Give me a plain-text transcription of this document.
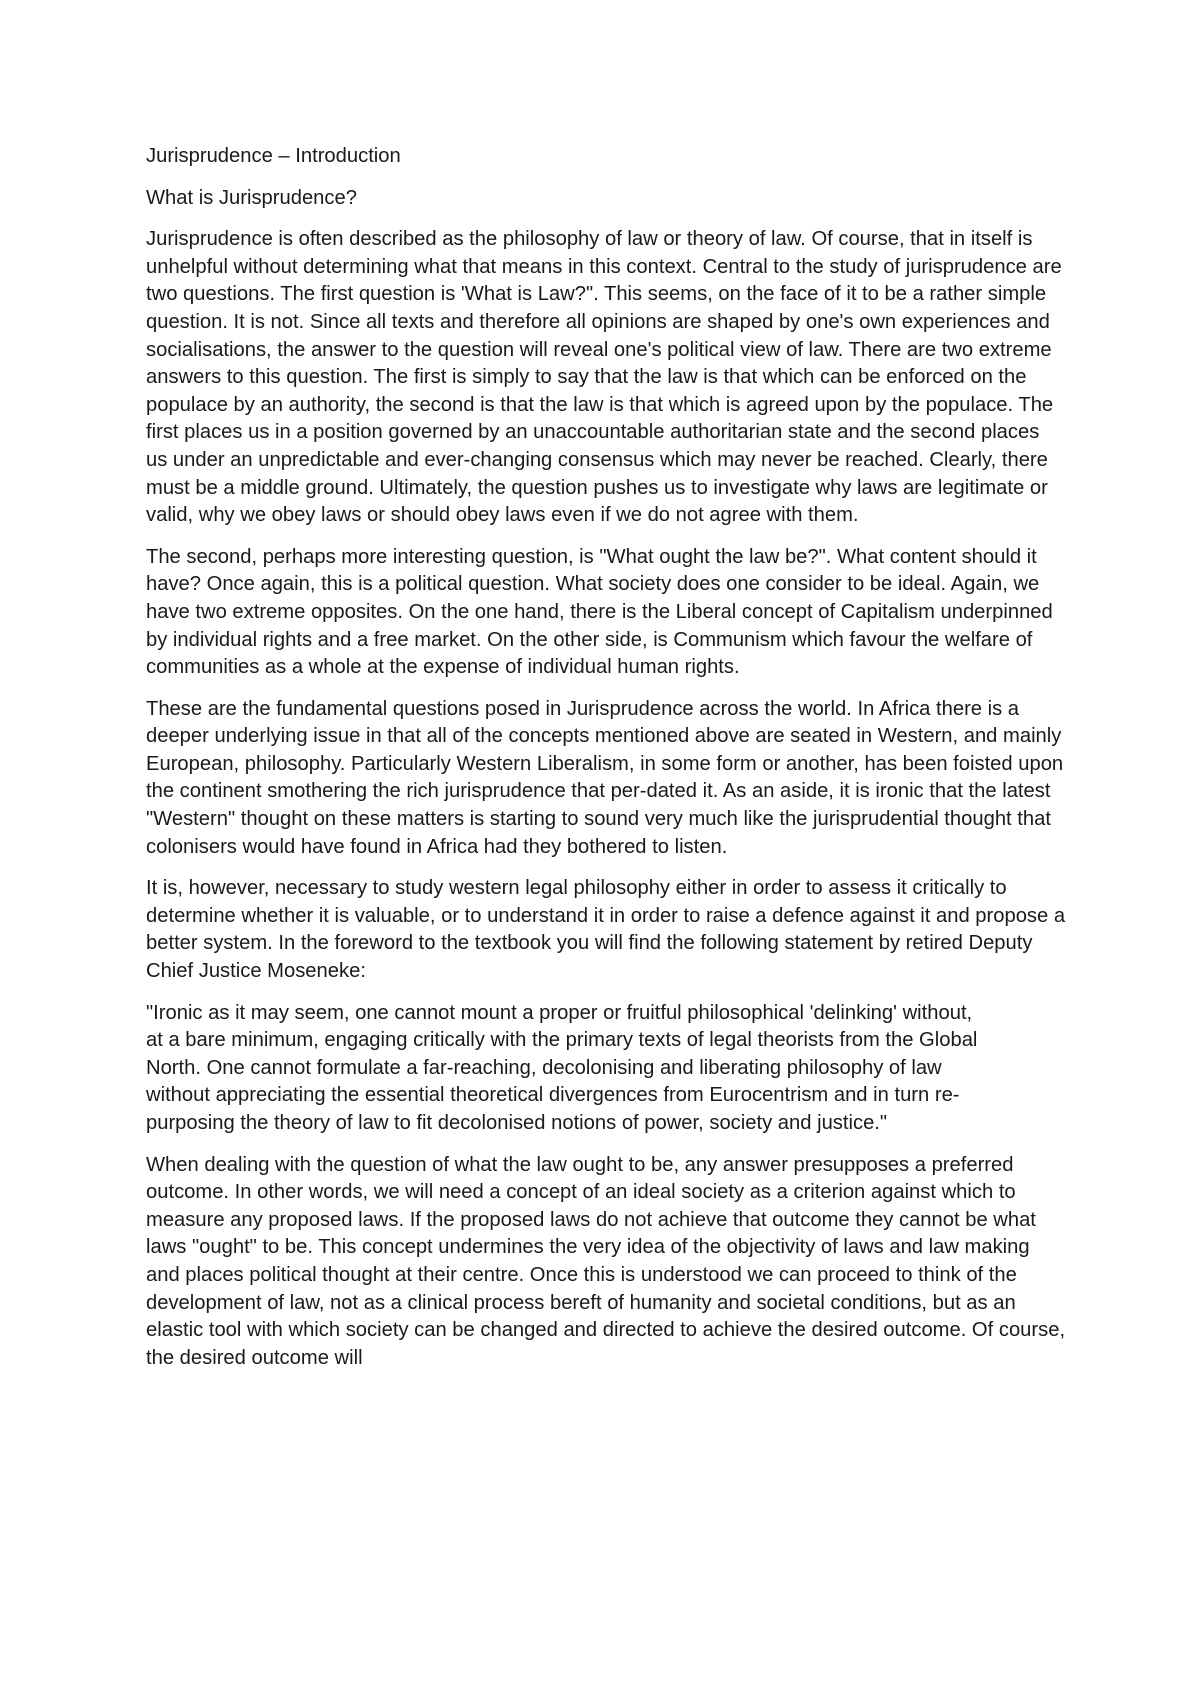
Jurisprudence – Introduction

What is Jurisprudence?

Jurisprudence is often described as the philosophy of law or theory of law. Of course, that in itself is unhelpful without determining what that means in this context. Central to the study of jurisprudence are two questions. The first question is 'What is Law?". This seems, on the face of it to be a rather simple question. It is not. Since all texts and therefore all opinions are shaped by one's own experiences and socialisations, the answer to the question will reveal one's political view of law. There are two extreme answers to this question. The first is simply to say that the law is that which can be enforced on the populace by an authority, the second is that the law is that which is agreed upon by the populace. The first places us in a position governed by an unaccountable authoritarian state and the second places us under an unpredictable and ever-changing consensus which may never be reached. Clearly, there must be a middle ground. Ultimately, the question pushes us to investigate why laws are legitimate or valid, why we obey laws or should obey laws even if we do not agree with them.

The second, perhaps more interesting question, is "What ought the law be?". What content should it have? Once again, this is a political question. What society does one consider to be ideal. Again, we have two extreme opposites. On the one hand, there is the Liberal concept of Capitalism underpinned by individual rights and a free market. On the other side, is Communism which favour the welfare of communities as a whole at the expense of individual human rights.

These are the fundamental questions posed in Jurisprudence across the world. In Africa there is a deeper underlying issue in that all of the concepts mentioned above are seated in Western, and mainly European, philosophy. Particularly Western Liberalism, in some form or another, has been foisted upon the continent smothering the rich jurisprudence that per-dated it. As an aside, it is ironic that the latest "Western" thought on these matters is starting to sound very much like the jurisprudential thought that colonisers would have found in Africa had they bothered to listen.

It is, however, necessary to study western legal philosophy either in order to assess it critically to determine whether it is valuable, or to understand it in order to raise a defence against it and propose a better system. In the foreword to the textbook you will find the following statement by retired Deputy Chief Justice Moseneke:

"Ironic as it may seem, one cannot mount a proper or fruitful philosophical 'delinking' without, at a bare minimum, engaging critically with the primary texts of legal theorists from the Global North. One cannot formulate a far-reaching, decolonising and liberating philosophy of law without appreciating the essential theoretical divergences from Eurocentrism and in turn re-purposing the theory of law to fit decolonised notions of power, society and justice."

When dealing with the question of what the law ought to be, any answer presupposes a preferred outcome. In other words, we will need a concept of an ideal society as a criterion against which to measure any proposed laws. If the proposed laws do not achieve that outcome they cannot be what laws "ought" to be. This concept undermines the very idea of the objectivity of laws and law making and places political thought at their centre. Once this is understood we can proceed to think of the development of law, not as a clinical process bereft of humanity and societal conditions, but as an elastic tool with which society can be changed and directed to achieve the desired outcome. Of course, the desired outcome will
